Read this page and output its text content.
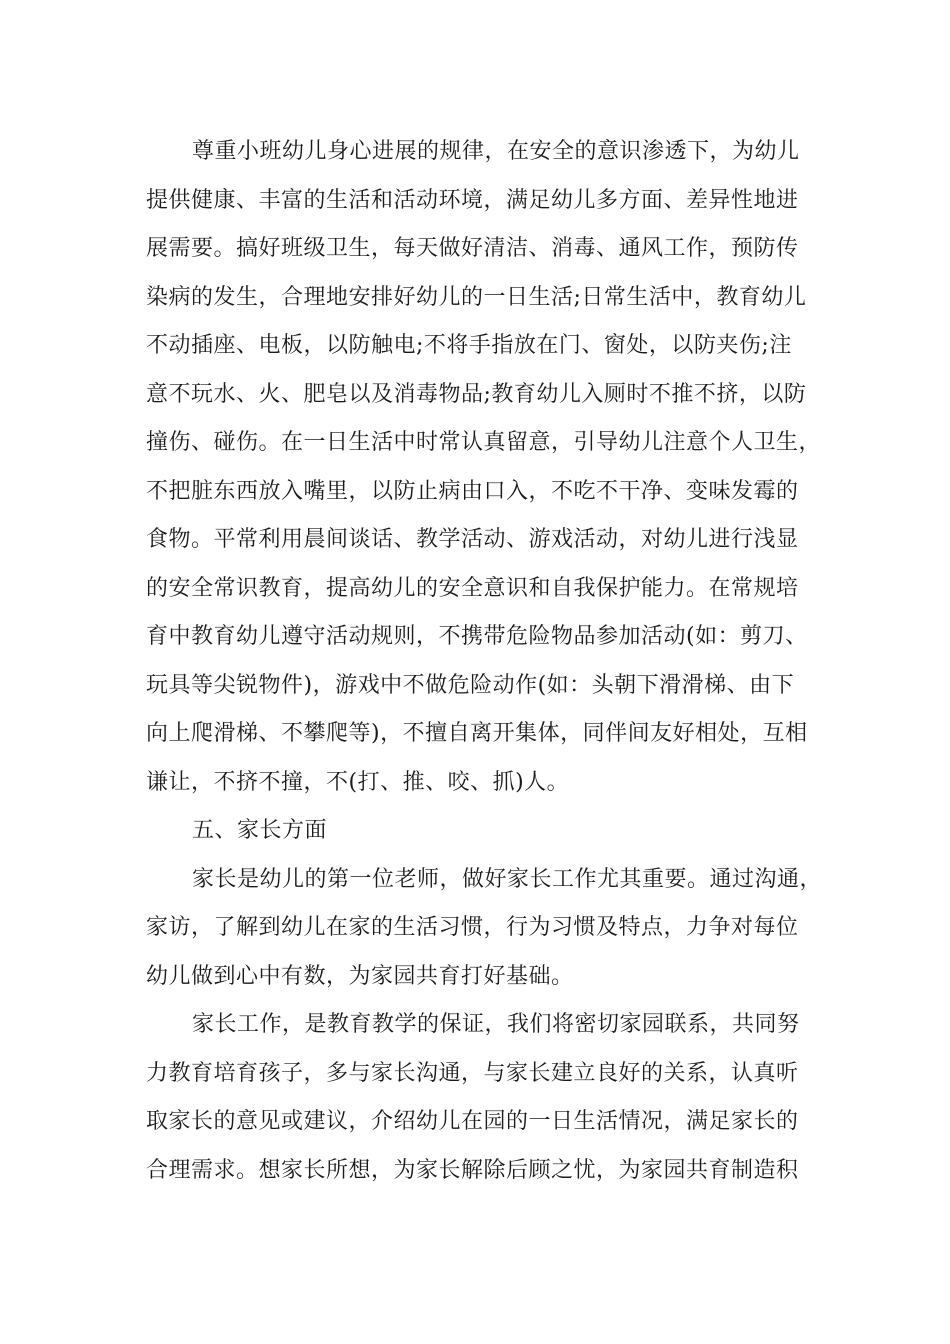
尊重小班幼儿身心进展的规律，在安全的意识渗透下，为幼儿
提供健康、丰富的生活和活动环境，满足幼儿多方面、差异性地进
展需要。搞好班级卫生，每天做好清洁、消毒、通风工作，预防传
染病的发生，合理地安排好幼儿的一日生活;日常生活中，教育幼儿
不动插座、电板，以防触电;不将手指放在门、窗处，以防夹伤;注
意不玩水、火、肥皂以及消毒物品;教育幼儿入厕时不推不挤，以防
撞伤、碰伤。在一日生活中时常认真留意，引导幼儿注意个人卫生，
不把脏东西放入嘴里，以防止病由口入，不吃不干净、变味发霉的
食物。平常利用晨间谈话、教学活动、游戏活动，对幼儿进行浅显
的安全常识教育，提高幼儿的安全意识和自我保护能力。在常规培
育中教育幼儿遵守活动规则，不携带危险物品参加活动(如：剪刀、
玩具等尖锐物件)，游戏中不做危险动作(如：头朝下滑滑梯、由下
向上爬滑梯、不攀爬等)，不擅自离开集体，同伴间友好相处，互相
谦让，不挤不撞，不(打、推、咬、抓)人。
五、家长方面
家长是幼儿的第一位老师，做好家长工作尤其重要。通过沟通，
家访，了解到幼儿在家的生活习惯，行为习惯及特点，力争对每位
幼儿做到心中有数，为家园共育打好基础。
家长工作，是教育教学的保证，我们将密切家园联系，共同努
力教育培育孩子，多与家长沟通，与家长建立良好的关系，认真听
取家长的意见或建议，介绍幼儿在园的一日生活情况，满足家长的
合理需求。想家长所想，为家长解除后顾之忧，为家园共育制造积
